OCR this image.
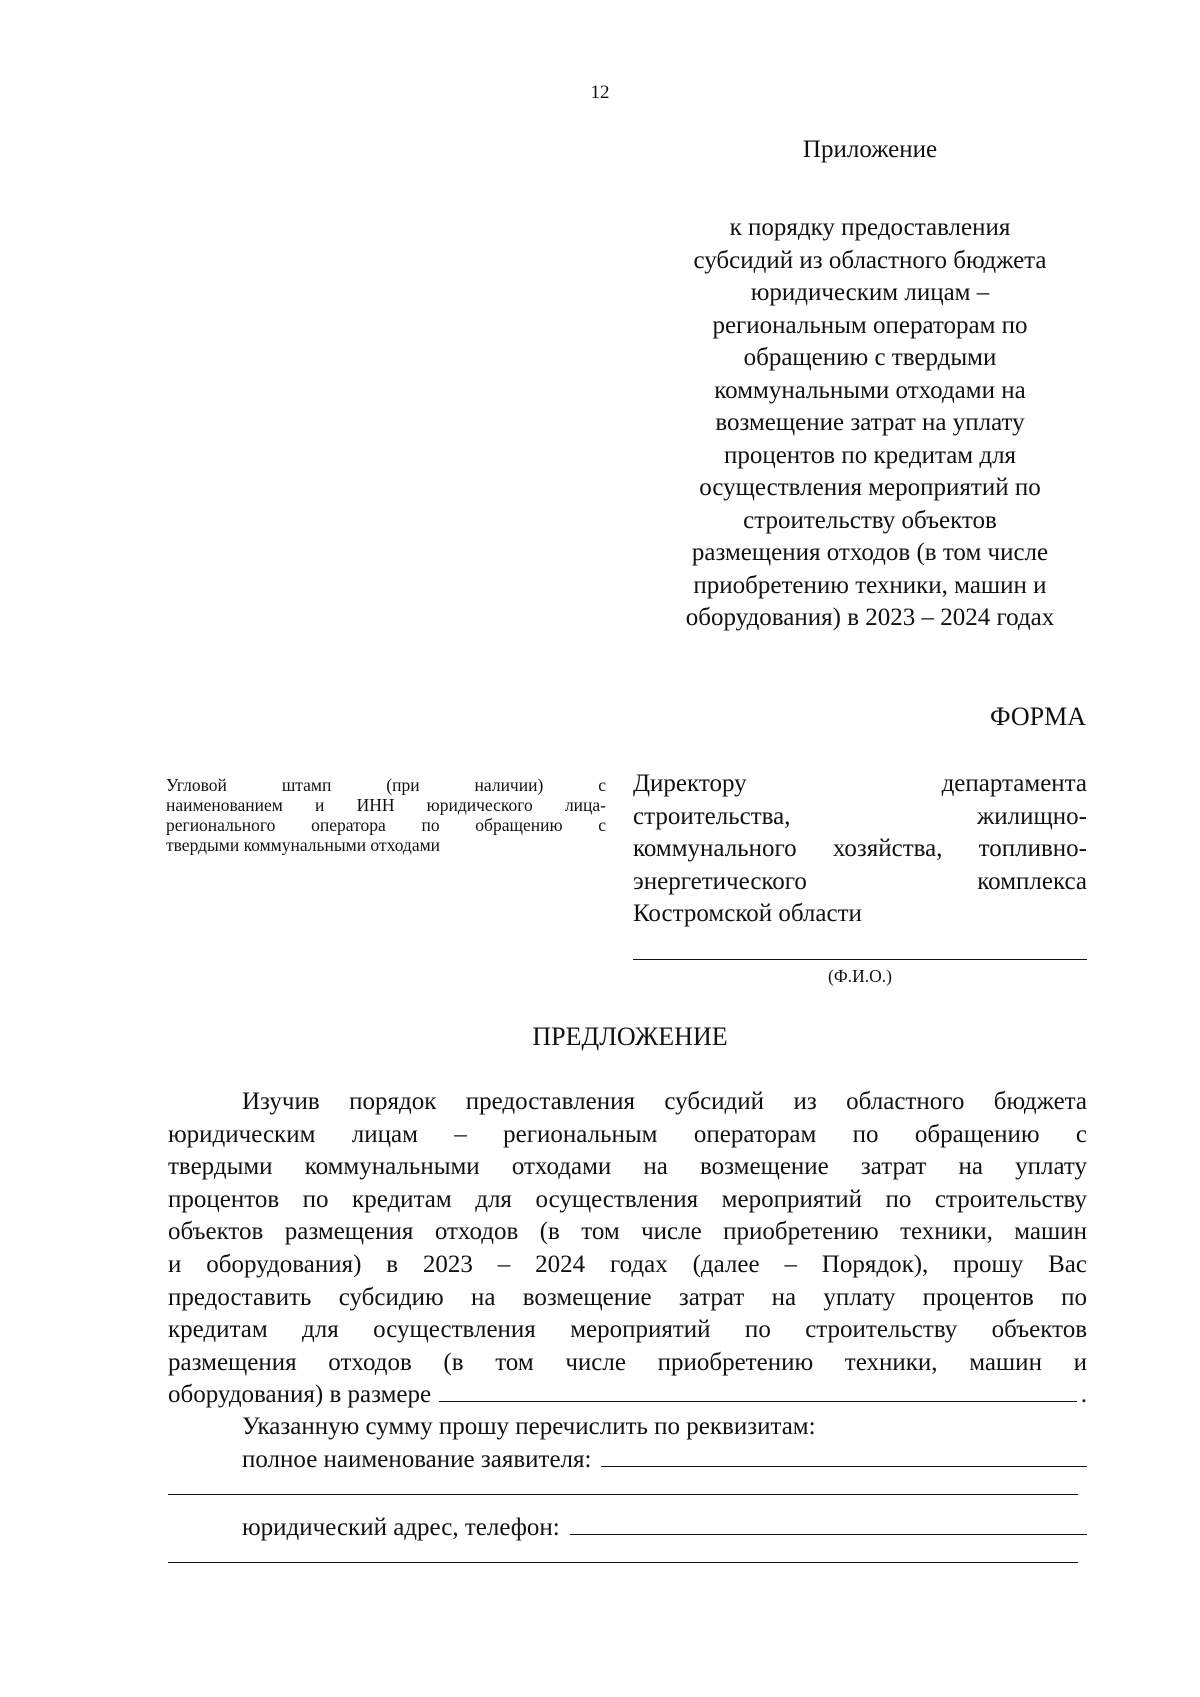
12
Приложение
к порядку предоставления
субсидий из областного бюджета
юридическим лицам –
региональным операторам по
обращению с твердыми
коммунальными отходами на
возмещение затрат на уплату
процентов по кредитам для
осуществления мероприятий по
строительству объектов
размещения отходов (в том числе
приобретению техники, машин и
оборудования) в 2023 – 2024 годах
ФОРМА
Угловой штамп (при наличии) с
наименованием и ИНН юридического лица-
регионального оператора по обращению с
твердыми коммунальными отходами
Директору департамента
строительства, жилищно-
коммунального хозяйства, топливно-
энергетического комплекса
Костромской области
(Ф.И.О.)
ПРЕДЛОЖЕНИЕ
Изучив порядок предоставления субсидий из областного бюджета
юридическим лицам – региональным операторам по обращению с
твердыми коммунальными отходами на возмещение затрат на уплату
процентов по кредитам для осуществления мероприятий по строительству
объектов размещения отходов (в том числе приобретению техники, машин
и оборудования) в 2023 – 2024 годах (далее – Порядок), прошу Вас
предоставить субсидию на возмещение затрат на уплату процентов по
кредитам для осуществления мероприятий по строительству объектов
размещения отходов (в том числе приобретению техники, машин и
оборудования) в размере	.
Указанную сумму прошу перечислить по реквизитам:
полное наименование заявителя:
юридический адрес, телефон:
